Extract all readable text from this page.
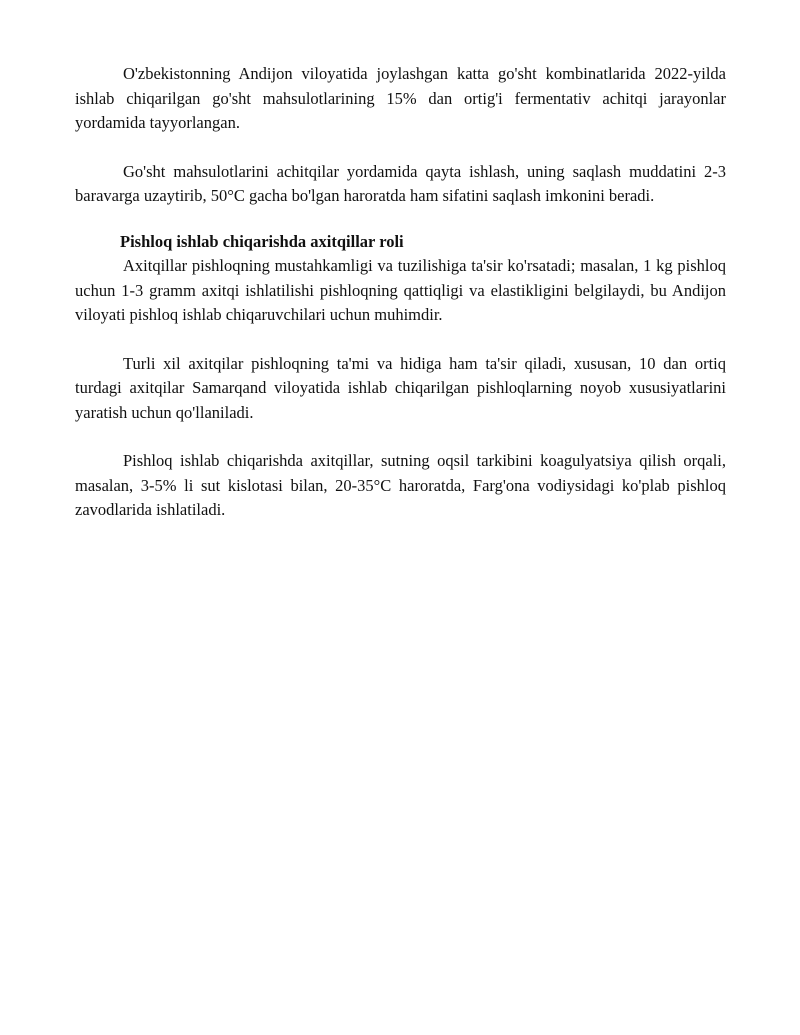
O'zbekistonning Andijon viloyatida joylashgan katta go'sht kombinatlarida 2022-yilda ishlab chiqarilgan go'sht mahsulotlarining 15% dan ortig'i fermentativ achitqi jarayonlar yordamida tayyorlangan.

Go'sht mahsulotlarini achitqilar yordamida qayta ishlash, uning saqlash muddatini 2-3 baravarga uzaytirib, 50°C gacha bo'lgan haroratda ham sifatini saqlash imkonini beradi.

Pishloq ishlab chiqarishda axitqillar roli

Axitqillar pishloqning mustahkamligi va tuzilishiga ta'sir ko'rsatadi; masalan, 1 kg pishloq uchun 1-3 gramm axitqi ishlatilishi pishloqning qattiqligi va elastikligini belgilaydi, bu Andijon viloyati pishloq ishlab chiqaruvchilari uchun muhimdir.

Turli xil axitqilar pishloqning ta'mi va hidiga ham ta'sir qiladi, xususan, 10 dan ortiq turdagi axitqilar Samarqand viloyatida ishlab chiqarilgan pishloqlarning noyob xususiyatlarini yaratish uchun qo'llaniladi.

Pishloq ishlab chiqarishda axitqillar, sutning oqsil tarkibini koagulyatsiya qilish orqali, masalan, 3-5% li sut kislotasi bilan, 20-35°C haroratda, Farg'ona vodiysidagi ko'plab pishloq zavodlarida ishlatiladi.
